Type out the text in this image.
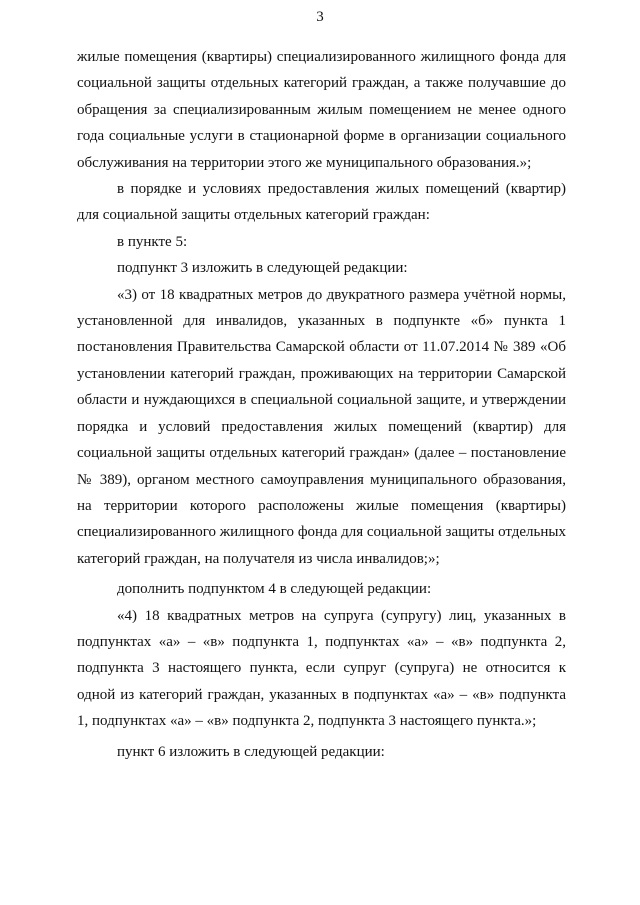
3

жилые помещения (квартиры) специализированного жилищного фонда для социальной защиты отдельных категорий граждан, а также получавшие до обращения за специализированным жилым помещением не менее одного года социальные услуги в стационарной форме в организации социального обслуживания на территории этого же муниципального образования.»;

в порядке и условиях предоставления жилых помещений (квартир) для социальной защиты отдельных категорий граждан:

в пункте 5:

подпункт 3 изложить в следующей редакции:

«3) от 18 квадратных метров до двукратного размера учётной нормы, установленной для инвалидов, указанных в подпункте «б» пункта 1 постановления Правительства Самарской области от 11.07.2014 № 389 «Об установлении категорий граждан, проживающих на территории Самарской области и нуждающихся в специальной социальной защите, и утверждении порядка и условий предоставления жилых помещений (квартир) для социальной защиты отдельных категорий граждан» (далее – постановление № 389), органом местного самоуправления муниципального образования, на территории которого расположены жилые помещения (квартиры) специализированного жилищного фонда для социальной защиты отдельных категорий граждан, на получателя из числа инвалидов;»;

дополнить подпунктом 4 в следующей редакции:

«4) 18 квадратных метров на супруга (супругу) лиц, указанных в подпунктах «а» – «в» подпункта 1, подпунктах «а» – «в» подпункта 2, подпункта 3 настоящего пункта, если супруг (супруга) не относится к одной из категорий граждан, указанных в подпунктах «а» – «в» подпункта 1, подпунктах «а» – «в» подпункта 2, подпункта 3 настоящего пункта.»;

пункт 6 изложить в следующей редакции:
